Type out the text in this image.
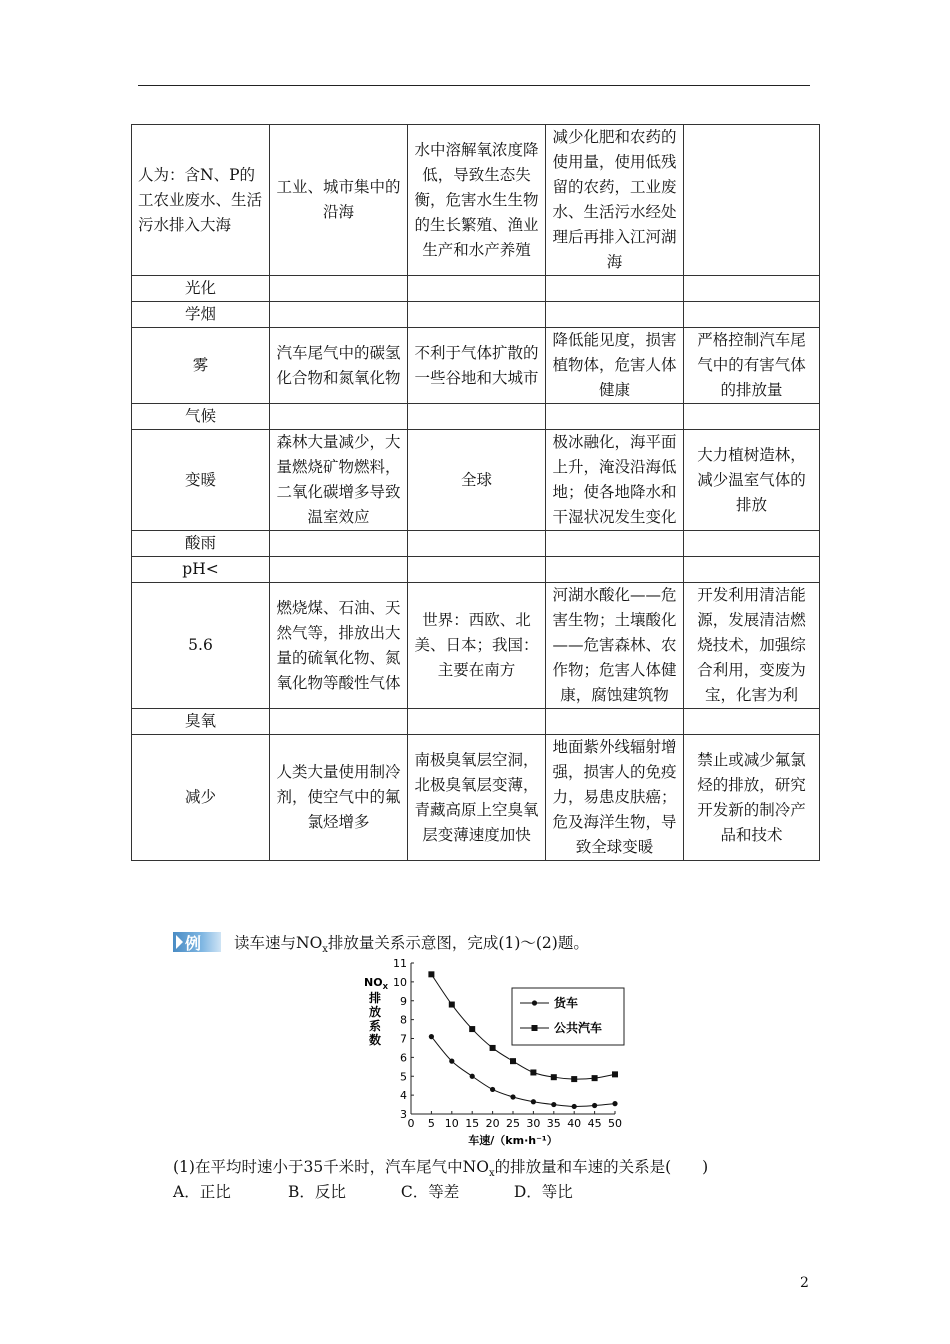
人为：含N、P的工农业废水、生活污水排入大海	工业、城市集中的沿海	水中溶解氧浓度降低，导致生态失衡，危害水生生物的生长繁殖、渔业生产和水产养殖	减少化肥和农药的使用量，使用低残留的农药，工业废水、生活污水经处理后再排入江河湖海	
光化				
学烟				
雾	汽车尾气中的碳氢化合物和氮氧化物	不利于气体扩散的一些谷地和大城市	降低能见度，损害植物体，危害人体健康	严格控制汽车尾气中的有害气体的排放量
气候				
变暖	森林大量减少，大量燃烧矿物燃料，二氧化碳增多导致温室效应	全球	极冰融化，海平面上升，淹没沿海低地；使各地降水和干湿状况发生变化	大力植树造林，减少温室气体的排放
酸雨				
pH<				
5.6	燃烧煤、石油、天然气等，排放出大量的硫氧化物、氮氧化物等酸性气体	世界：西欧、北美、日本；我国：主要在南方	河湖水酸化——危害生物；土壤酸化——危害森林、农作物；危害人体健康，腐蚀建筑物	开发利用清洁能源，发展清洁燃烧技术，加强综合利用，变废为宝，化害为利
臭氧				
减少	人类大量使用制冷剂，使空气中的氟氯烃增多	南极臭氧层空洞，北极臭氧层变薄，青藏高原上空臭氧层变薄速度加快	地面紫外线辐射增强，损害人的免疫力，易患皮肤癌；危及海洋生物，导致全球变暖	禁止或减少氟氯烃的排放，研究开发新的制冷产品和技术
例 读车速与$NO_x$排放量关系示意图，完成(1)～(2)题。
3
4
5
6
7
8
9
10
11
0 5 10 15 20 25 30 35 40 45 50
$NO_X$
排
放
系
数
车速/（km·h⁻¹）
货车
公共汽车
(1)在平均时速小于35千米时，汽车尾气中$NO_x$的排放量和车速的关系是(　　)
A．正比	B．反比	C．等差	D．等比
2
